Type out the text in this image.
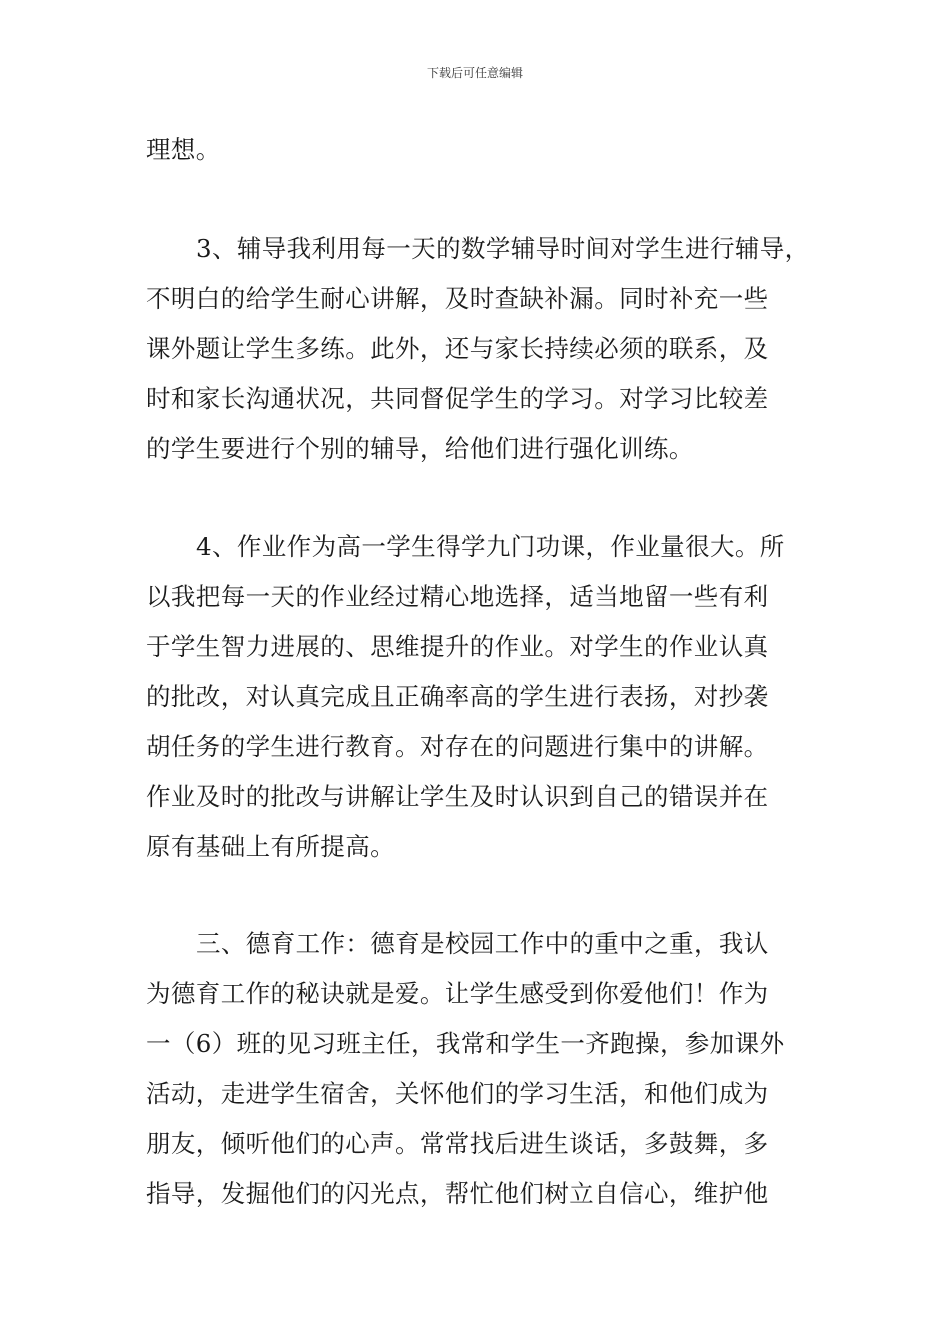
下载后可任意编辑
理想。
3、辅导我利用每一天的数学辅导时间对学生进行辅导，
不明白的给学生耐心讲解，及时查缺补漏。同时补充一些
课外题让学生多练。此外，还与家长持续必须的联系，及
时和家长沟通状况，共同督促学生的学习。对学习比较差
的学生要进行个别的辅导，给他们进行强化训练。
4、作业作为高一学生得学九门功课，作业量很大。所
以我把每一天的作业经过精心地选择，适当地留一些有利
于学生智力进展的、思维提升的作业。对学生的作业认真
的批改，对认真完成且正确率高的学生进行表扬，对抄袭
胡任务的学生进行教育。对存在的问题进行集中的讲解。
作业及时的批改与讲解让学生及时认识到自己的错误并在
原有基础上有所提高。
三、德育工作：德育是校园工作中的重中之重，我认
为德育工作的秘诀就是爱。让学生感受到你爱他们！作为
一（6）班的见习班主任，我常和学生一齐跑操，参加课外
活动，走进学生宿舍，关怀他们的学习生活，和他们成为
朋友，倾听他们的心声。常常找后进生谈话，多鼓舞，多
指导，发掘他们的闪光点，帮忙他们树立自信心，维护他
